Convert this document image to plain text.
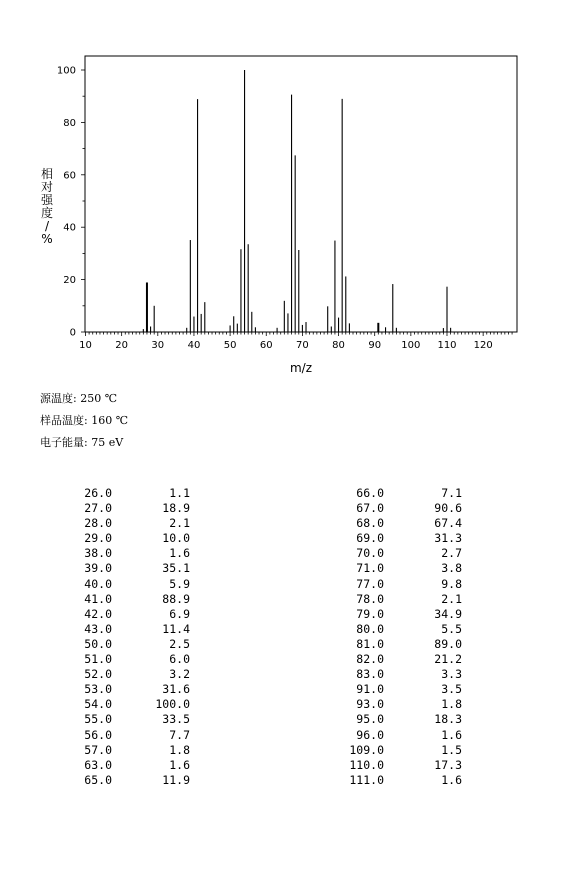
0
20
40
60
80
100
10 20 30 40 50 60 70 80 90 100 110 120
m/z
相对强度/ %
源温度: 250 ℃
样品温度: 160 ℃
电子能量: 75 eV
26.0	1.1
27.0	18.9
28.0	2.1
29.0	10.0
38.0	1.6
39.0	35.1
40.0	5.9
41.0	88.9
42.0	6.9
43.0	11.4
50.0	2.5
51.0	6.0
52.0	3.2
53.0	31.6
54.0	100.0
55.0	33.5
56.0	7.7
57.0	1.8
63.0	1.6
65.0	11.9
66.0	7.1
67.0	90.6
68.0	67.4
69.0	31.3
70.0	2.7
71.0	3.8
77.0	9.8
78.0	2.1
79.0	34.9
80.0	5.5
81.0	89.0
82.0	21.2
83.0	3.3
91.0	3.5
93.0	1.8
95.0	18.3
96.0	1.6
109.0	1.5
110.0	17.3
111.0	1.6
